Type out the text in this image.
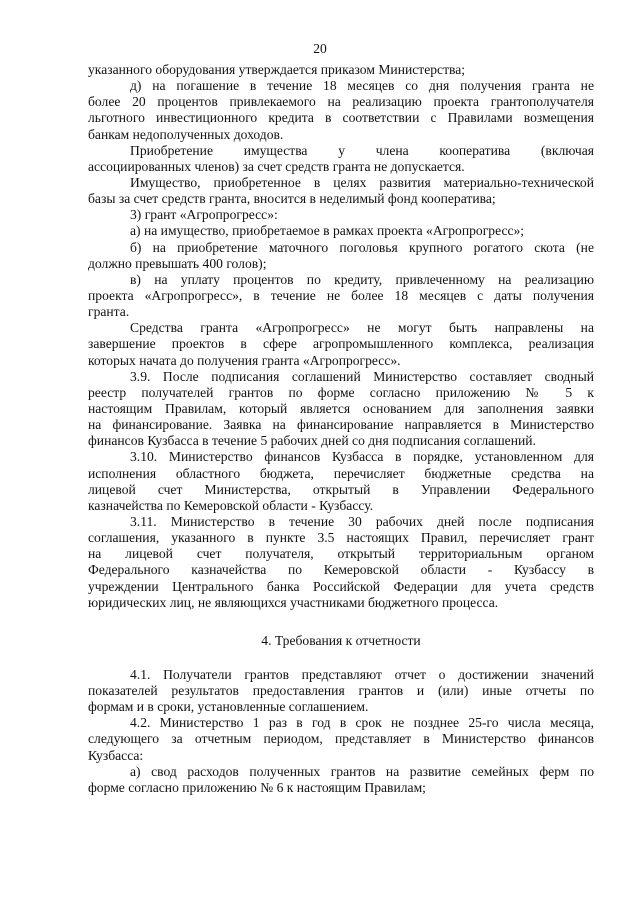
20
указанного оборудования утверждается приказом Министерства;
д) на погашение в течение 18 месяцев со дня получения гранта не
более 20 процентов привлекаемого на реализацию проекта грантополучателя
льготного инвестиционного кредита в соответствии с Правилами возмещения
банкам недополученных доходов.
Приобретение имущества у члена кооператива (включая
ассоциированных членов) за счет средств гранта не допускается.
Имущество, приобретенное в целях развития материально-технической
базы за счет средств гранта, вносится в неделимый фонд кооператива;
3) грант «Агропрогресс»:
а) на имущество, приобретаемое в рамках проекта «Агропрогресс»;
б) на приобретение маточного поголовья крупного рогатого скота (не
должно превышать 400 голов);
в) на уплату процентов по кредиту, привлеченному на реализацию
проекта «Агропрогресс», в течение не более 18 месяцев с даты получения
гранта.
Средства гранта «Агропрогресс» не могут быть направлены на
завершение проектов в сфере агропромышленного комплекса, реализация
которых начата до получения гранта «Агропрогресс».
3.9. После подписания соглашений Министерство составляет сводный
реестр получателей грантов по форме согласно приложению № 5 к
настоящим Правилам, который является основанием для заполнения заявки
на финансирование. Заявка на финансирование направляется в Министерство
финансов Кузбасса в течение 5 рабочих дней со дня подписания соглашений.
3.10. Министерство финансов Кузбасса в порядке, установленном для
исполнения областного бюджета, перечисляет бюджетные средства на
лицевой счет Министерства, открытый в Управлении Федерального
казначейства по Кемеровской области - Кузбассу.
3.11. Министерство в течение 30 рабочих дней после подписания
соглашения, указанного в пункте 3.5 настоящих Правил, перечисляет грант
на лицевой счет получателя, открытый территориальным органом
Федерального казначейства по Кемеровской области - Кузбассу в
учреждении Центрального банка Российской Федерации для учета средств
юридических лиц, не являющихся участниками бюджетного процесса.
4. Требования к отчетности
4.1. Получатели грантов представляют отчет о достижении значений
показателей результатов предоставления грантов и (или) иные отчеты по
формам и в сроки, установленные соглашением.
4.2. Министерство 1 раз в год в срок не позднее 25-го числа месяца,
следующего за отчетным периодом, представляет в Министерство финансов
Кузбасса:
а) свод расходов полученных грантов на развитие семейных ферм по
форме согласно приложению № 6 к настоящим Правилам;
